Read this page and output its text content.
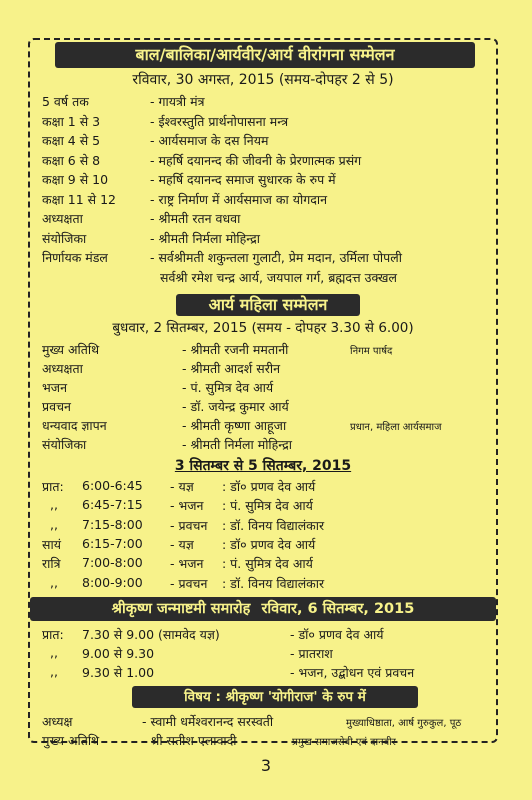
बाल/बालिका/आर्यवीर/आर्य वीरांगना सम्मेलन
रविवार, 30 अगस्त, 2015 (समय-दोपहर 2 से 5)
5 वर्ष तक	- गायत्री मंत्र
कक्षा 1 से 3	- ईश्वरस्तुति प्रार्थनोपासना मन्त्र
कक्षा 4 से 5	- आर्यसमाज के दस नियम
कक्षा 6 से 8	- महर्षि दयानन्द की जीवनी के प्रेरणात्मक प्रसंग
कक्षा 9 से 10	- महर्षि दयानन्द समाज सुधारक के रुप में
कक्षा 11 से 12	- राष्ट्र निर्माण में आर्यसमाज का योगदान
अध्यक्षता	- श्रीमती रतन वधवा
संयोजिका	- श्रीमती निर्मला मोहिन्द्रा
निर्णायक मंडल	- सर्वश्रीमती शकुन्तला गुलाटी, प्रेम मदान, उर्मिला पोपली
सर्वश्री रमेश चन्द्र आर्य, जयपाल गर्ग, ब्रह्मदत्त उक्खल
आर्य महिला सम्मेलन
बुधवार, 2 सितम्बर, 2015 (समय - दोपहर 3.30 से 6.00)
मुख्य अतिथि	- श्रीमती रजनी ममतानी	निगम पार्षद
अध्यक्षता	- श्रीमती आदर्श सरीन
भजन	- पं. सुमित्र देव आर्य
प्रवचन	- डॉ. जयेन्द्र कुमार आर्य
धन्यवाद ज्ञापन	- श्रीमती कृष्णा आहूजा	प्रधान, महिला आर्यसमाज
संयोजिका	- श्रीमती निर्मला मोहिन्द्रा
3 सितम्बर से 5 सितम्बर, 2015
प्रात: 6:00-6:45 - यज्ञ : डॉ० प्रणव देव आर्य
,, 6:45-7:15 - भजन : पं. सुमित्र देव आर्य
,, 7:15-8:00 - प्रवचन : डॉ. विनय विद्यालंकार
सायं 6:15-7:00 - यज्ञ : डॉ० प्रणव देव आर्य
रात्रि 7:00-8:00 - भजन : पं. सुमित्र देव आर्य
,, 8:00-9:00 - प्रवचन : डॉ. विनय विद्यालंकार
श्रीकृष्ण जन्माष्टमी समारोह रविवार, 6 सितम्बर, 2015
प्रात: 7.30 से 9.00 (सामवेद यज्ञ)	- डॉ० प्रणव देव आर्य
,, 9.00 से 9.30	- प्रातराश
,, 9.30 से 1.00	- भजन, उद्बोधन एवं प्रवचन
विषय : श्रीकृष्ण 'योगीराज' के रुप में
अध्यक्ष	- स्वामी धर्मेश्वरानन्द सरस्वती	मुख्याधिष्ठाता, आर्ष गुरुकुल, पूठ
मुख्य अतिथि	- श्री सतीश एलावादी	प्रमुख समाजसेवी एवं दानवीर
3
